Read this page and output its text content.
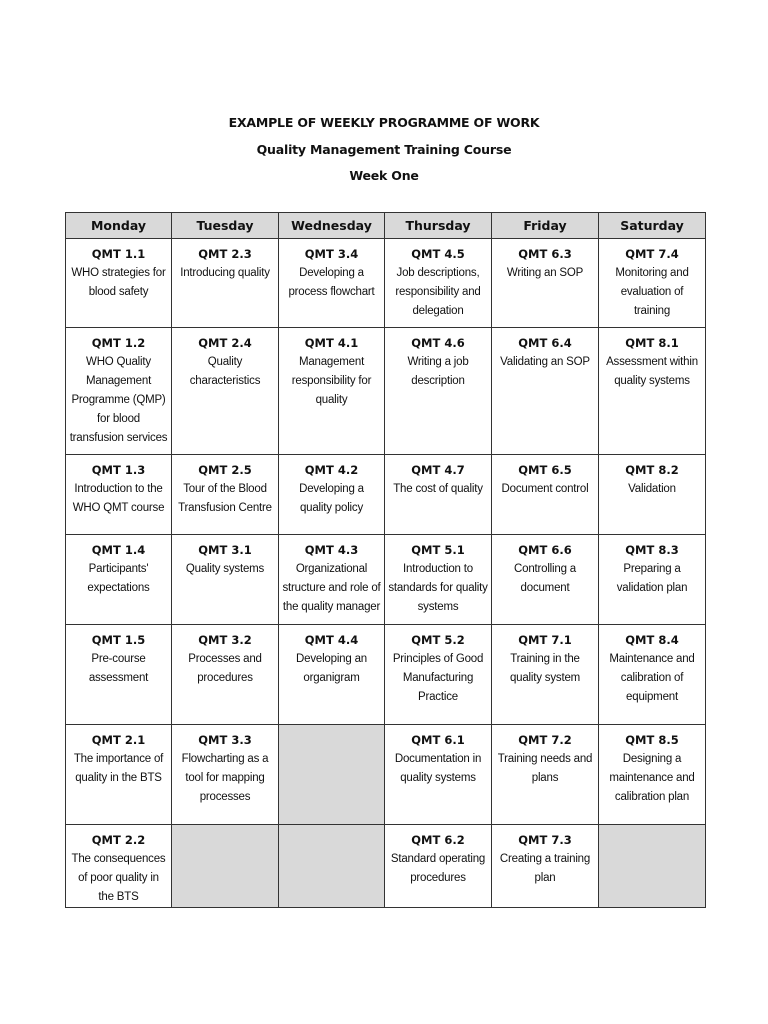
EXAMPLE OF WEEKLY PROGRAMME OF WORK
Quality Management Training Course
Week One
Monday	Tuesday	Wednesday	Thursday	Friday	Saturday

QMT 1.1
WHO strategies for blood safety	QMT 2.3
Introducing quality	QMT 3.4
Developing a process flowchart	QMT 4.5
Job descriptions, responsibility and delegation	QMT 6.3
Writing an SOP	QMT 7.4
Monitoring and evaluation of training

QMT 1.2
WHO Quality Management Programme (QMP) for blood transfusion services	QMT 2.4
Quality characteristics	QMT 4.1
Management responsibility for quality	QMT 4.6
Writing a job description	QMT 6.4
Validating an SOP	QMT 8.1
Assessment within quality systems

QMT 1.3
Introduction to the WHO QMT course	QMT 2.5
Tour of the Blood Transfusion Centre	QMT 4.2
Developing a quality policy	QMT 4.7
The cost of quality	QMT 6.5
Document control	QMT 8.2
Validation

QMT 1.4
Participants' expectations	QMT 3.1
Quality systems	QMT 4.3
Organizational structure and role of the quality manager	QMT 5.1
Introduction to standards for quality systems	QMT 6.6
Controlling a document	QMT 8.3
Preparing a validation plan

QMT 1.5
Pre-course assessment	QMT 3.2
Processes and procedures	QMT 4.4
Developing an organigram	QMT 5.2
Principles of Good Manufacturing Practice	QMT 7.1
Training in the quality system	QMT 8.4
Maintenance and calibration of equipment

QMT 2.1
The importance of quality in the BTS	QMT 3.3
Flowcharting as a tool for mapping processes		QMT 6.1
Documentation in quality systems	QMT 7.2
Training needs and plans	QMT 8.5
Designing a maintenance and calibration plan

QMT 2.2
The consequences of poor quality in the BTS			QMT 6.2
Standard operating procedures	QMT 7.3
Creating a training plan	
